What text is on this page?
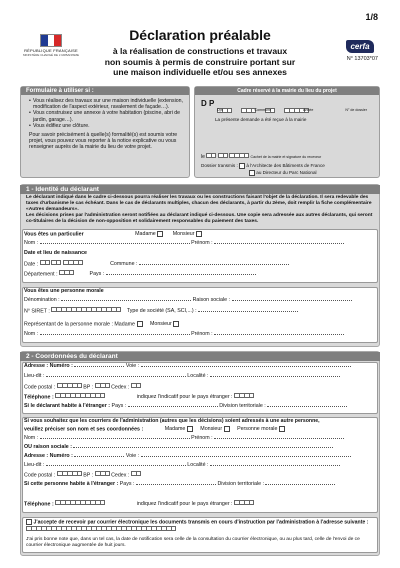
1/8
RÉPUBLIQUE FRANÇAISE
MINISTÈRE CHARGÉ DE L'URBANISME
Déclaration préalable
à la réalisation de constructions et travaux
non soumis à permis de construire portant sur
une maison individuelle et/ou ses annexes
cerfa
N° 13703*07
Formulaire à utiliser si :
• Vous réalisez des travaux sur une maison individuelle (extension, modification de l'aspect extérieur, ravalement de façade…).
• Vous construisez une annexe à votre habitation (piscine, abri de jardin, garage…).
• Vous édifiez une clôture.
Pour savoir précisément à quelle(s) formalité(s) est soumis votre projet, vous pouvez vous reporter à la notice explicative ou vous renseigner auprès de la mairie du lieu de votre projet.
Cadre réservé à la mairie du lieu du projet
D P

Dpt	Commune	Année	N° de dossier
La présente demande a été reçue à la mairie
le	Cachet de la mairie et signature du receveur
Dossier transmis : à l'Architecte des Bâtiments de France
au Directeur du Parc National
1 - Identité du déclarant
Le déclarant indiqué dans le cadre ci-dessous pourra réaliser les travaux ou les constructions faisant l'objet de la déclaration. Il sera redevable des taxes d'urbanisme le cas échéant. Dans le cas de déclarants multiples, chacun des déclarants, à partir du 2ème, doit remplir la fiche complémentaire «Autres demandeurs».
Les décisions prises par l'administration seront notifiées au déclarant indiqué ci-dessous. Une copie sera adressée aux autres déclarants, qui seront co-titulaires de la décision de non-opposition et solidairement responsables du paiement des taxes.
Vous êtes un particulier	Madame	Monsieur
Nom :	Prénom :
Date et lieu de naissance
Date :	Commune :
Département :	Pays :
Vous êtes une personne morale
Dénomination :	Raison sociale :
N° SIRET :	Type de société (SA, SCI,...) :
Représentant de la personne morale : Madame	Monsieur
Nom :	Prénom :
2 - Coordonnées du déclarant
Adresse : Numéro :	Voie :
Lieu-dit :	Localité :
Code postal :	BP :	Cedex :
Téléphone :	indiquez l'indicatif pour le pays étranger :
Si le déclarant habite à l'étranger : Pays :	Division territoriale :
Si vous souhaitez que les courriers de l'administration (autres que les décisions) soient adressés à une autre personne,
veuillez préciser son nom et ses coordonnées :	Madame	Monsieur	Personne morale
Nom :	Prénom :
OU raison sociale :
Adresse : Numéro :	Voie :
Lieu-dit :	Localité :
Code postal :	BP :	Cedex :
Si cette personne habite à l'étranger : Pays :	Division territoriale :
Téléphone :	indiquez l'indicatif pour le pays étranger :
J'accepte de recevoir par courrier électronique les documents transmis en cours d'instruction par l'administration à l'adresse suivante :
J'ai pris bonne note que, dans un tel cas, la date de notification sera celle de la consultation du courrier électronique, ou au plus tard, celle de l'envoi de ce courrier électronique augmentée de huit jours.
